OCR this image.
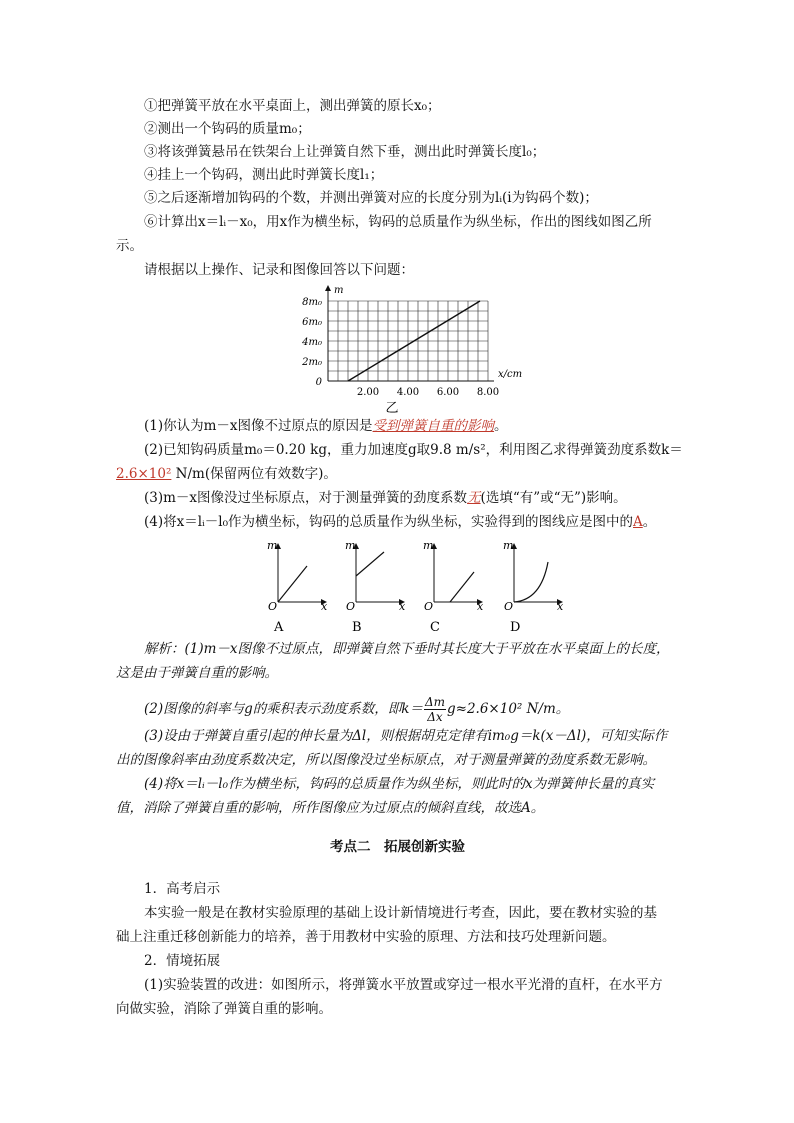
①把弹簧平放在水平桌面上，测出弹簧的原长x₀；
②测出一个钩码的质量m₀；
③将该弹簧悬吊在铁架台上让弹簧自然下垂，测出此时弹簧长度l₀；
④挂上一个钩码，测出此时弹簧长度l₁；
⑤之后逐渐增加钩码的个数，并测出弹簧对应的长度分别为lᵢ(i为钩码个数)；
⑥计算出x＝lᵢ－x₀，用x作为横坐标，钩码的总质量作为纵坐标，作出的图线如图乙所
示。
请根据以上操作、记录和图像回答以下问题：
0
2m₀
4m₀
6m₀
8m₀
2.00 4.00 6.00 8.00
m
x/cm
乙
(1)你认为m－x图像不过原点的原因是受到弹簧自重的影响。
(2)已知钩码质量m₀＝0.20 kg，重力加速度g取9.8 m/s²，利用图乙求得弹簧劲度系数k＝
2.6×10² N/m(保留两位有效数字)。
(3)m－x图像没过坐标原点，对于测量弹簧的劲度系数无(选填“有”或“无”)影响。
(4)将x＝lᵢ－l₀作为横坐标，钩码的总质量作为纵坐标，实验得到的图线应是图中的A。
m
x
O
A
m
x
O
B
m
x
O
C
m
x
O
D
解析：(1)m－x图像不过原点，即弹簧自然下垂时其长度大于平放在水平桌面上的长度，
这是由于弹簧自重的影响。
(2)图像的斜率与g的乘积表示劲度系数，即$k= \frac{\Delta m}{\Delta x} g\approx 2.6\times 10^2$ N/m。
(3)设由于弹簧自重引起的伸长量为Δl，则根据胡克定律有im₀g＝k(x－Δl)，可知实际作
出的图像斜率由劲度系数决定，所以图像没过坐标原点，对于测量弹簧的劲度系数无影响。
(4)将x＝lᵢ－l₀作为横坐标，钩码的总质量作为纵坐标，则此时的x为弹簧伸长量的真实
值，消除了弹簧自重的影响，所作图像应为过原点的倾斜直线，故选A。
考点二　拓展创新实验
1．高考启示
本实验一般是在教材实验原理的基础上设计新情境进行考查，因此，要在教材实验的基
础上注重迁移创新能力的培养，善于用教材中实验的原理、方法和技巧处理新问题。
2．情境拓展
(1)实验装置的改进：如图所示，将弹簧水平放置或穿过一根水平光滑的直杆，在水平方
向做实验，消除了弹簧自重的影响。
